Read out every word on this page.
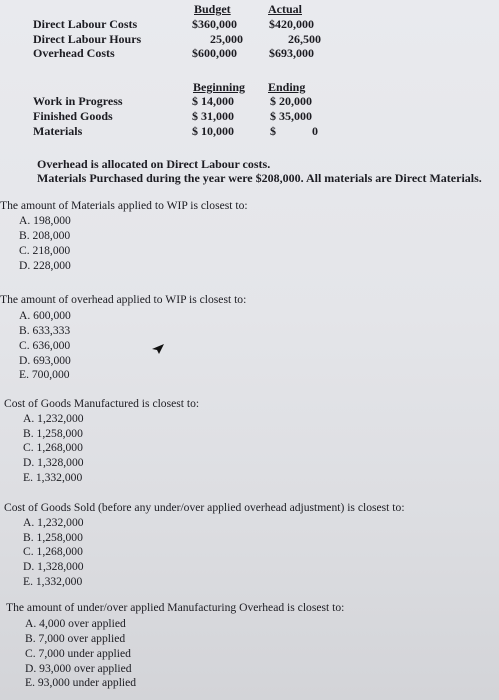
Budget	Actual
Direct Labour Costs	$360,000	$420,000
Direct Labour Hours	25,000	26,500
Overhead Costs	$600,000	$693,000
Beginning Ending
Work in Progress	$ 14,000	$ 20,000
Finished Goods	$ 31,000	$ 35,000
Materials	$ 10,000	$	0
Overhead is allocated on Direct Labour costs.
Materials Purchased during the year were $208,000. All materials are Direct Materials.
The amount of Materials applied to WIP is closest to:
A. 198,000
B. 208,000
C. 218,000
D. 228,000
The amount of overhead applied to WIP is closest to:
A. 600,000
B. 633,333
C. 636,000
D. 693,000
E. 700,000
Cost of Goods Manufactured is closest to:
A. 1,232,000
B. 1,258,000
C. 1,268,000
D. 1,328,000
E. 1,332,000
Cost of Goods Sold (before any under/over applied overhead adjustment) is closest to:
A. 1,232,000
B. 1,258,000
C. 1,268,000
D. 1,328,000
E. 1,332,000
The amount of under/over applied Manufacturing Overhead is closest to:
A. 4,000 over applied
B. 7,000 over applied
C. 7,000 under applied
D. 93,000 over applied
E. 93,000 under applied
